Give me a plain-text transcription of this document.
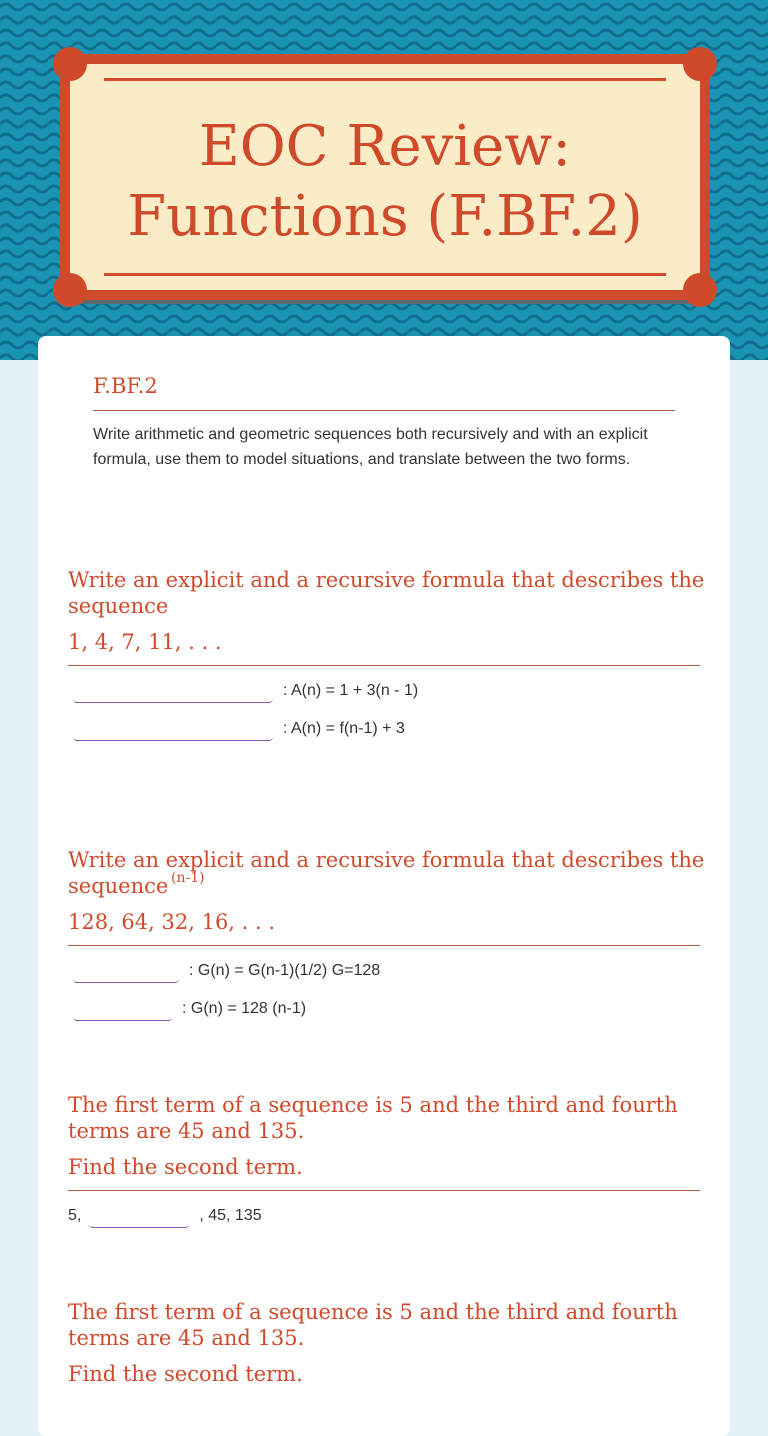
EOC Review:
Functions (F.BF.2)
F.BF.2
Write arithmetic and geometric sequences both recursively and with an explicit formula, use them to model situations, and translate between the two forms.
Write an explicit and a recursive formula that describes the sequence
1, 4, 7, 11, . . .
: A(n) = 1 + 3(n - 1)
: A(n) = f(n-1) + 3
Write an explicit and a recursive formula that describes the sequence
128, 64, 32, 16, . . .
(n-1)
: G(n) = G(n-1)(1/2) G=128
: G(n) = 128 (n-1)
The first term of a sequence is 5 and the third and fourth terms are 45 and 135.
Find the second term.
5,	, 45, 135
The first term of a sequence is 5 and the third and fourth terms are 45 and 135.
Find the second term.
